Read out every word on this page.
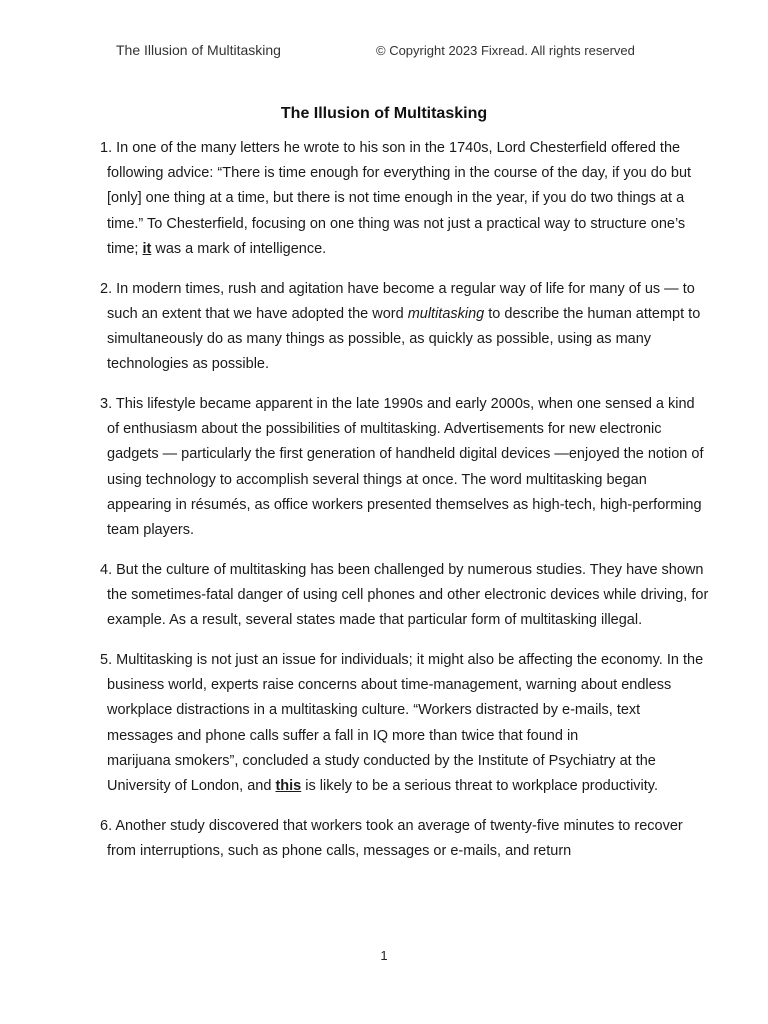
The Illusion of Multitasking	© Copyright 2023 Fixread. All rights reserved
The Illusion of Multitasking

1. In one of the many letters he wrote to his son in the 1740s, Lord Chesterfield offered the following advice: “There is time enough for everything in the course of the day, if you do but [only] one thing at a time, but there is not time enough in the year, if you do two things at a time.” To Chesterfield, focusing on one thing was not just a practical way to structure one’s time; it was a mark of intelligence.

2. In modern times, rush and agitation have become a regular way of life for many of us — to such an extent that we have adopted the word multitasking to describe the human attempt to simultaneously do as many things as possible, as quickly as possible, using as many technologies as possible.

3. This lifestyle became apparent in the late 1990s and early 2000s, when one sensed a kind of enthusiasm about the possibilities of multitasking. Advertisements for new electronic gadgets — particularly the first generation of handheld digital devices —enjoyed the notion of using technology to accomplish several things at once. The word multitasking began appearing in résumés, as office workers presented themselves as high-tech, high-performing team players.

4. But the culture of multitasking has been challenged by numerous studies. They have shown the sometimes-fatal danger of using cell phones and other electronic devices while driving, for example. As a result, several states made that particular form of multitasking illegal.

5. Multitasking is not just an issue for individuals; it might also be affecting the economy. In the business world, experts raise concerns about time-management, warning about endless workplace distractions in a multitasking culture. “Workers distracted by e-mails, text messages and phone calls suffer a fall in IQ more than twice that found in
marijuana smokers”, concluded a study conducted by the Institute of Psychiatry at the University of London, and this is likely to be a serious threat to workplace productivity.

6. Another study discovered that workers took an average of twenty-five minutes to recover from interruptions, such as phone calls, messages or e-mails, and return

1
